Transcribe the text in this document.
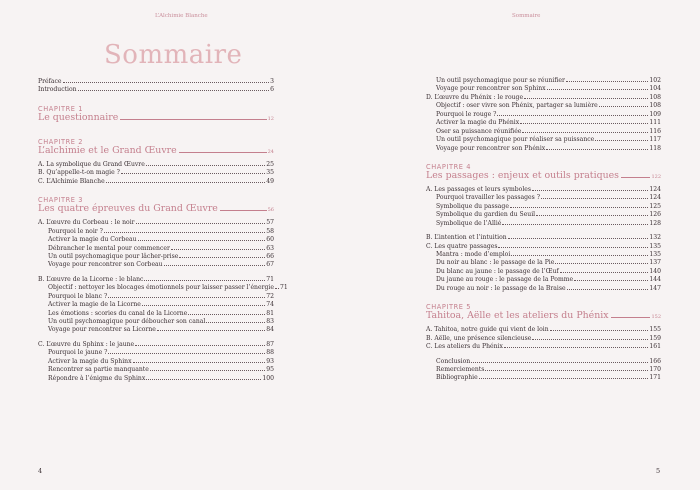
L’Alchimie Blanche
Sommaire
Préface	3
Introduction	6
CHAPITRE 1
Le questionnaire	12
CHAPITRE 2
L’alchimie et le Grand Œuvre	24
A. La symbolique du Grand Œuvre	25
B. Qu’appelle-t-on magie ?	35
C. L’Alchimie Blanche	49
CHAPITRE 3
Les quatre épreuves du Grand Œuvre	56
A. L’œuvre du Corbeau : le noir	57
Pourquoi le noir ?	58
Activer la magie du Corbeau	60
Débrancher le mental pour commencer	63
Un outil psychomagique pour lâcher-prise	66
Voyage pour rencontrer son Corbeau	67
B. L’œuvre de la Licorne : le blanc	71
Objectif : nettoyer les blocages émotionnels pour laisser passer l’énergie 71
Pourquoi le blanc ?	72
Activer la magie de la Licorne	74
Les émotions : scories du canal de la Licorne	81
Un outil psychomagique pour déboucher son canal	83
Voyage pour rencontrer sa Licorne	84
C. L’œuvre du Sphinx : le jaune	87
Pourquoi le jaune ?	88
Activer la magie du Sphinx	93
Rencontrer sa partie manquante	95
Répondre à l’énigme du Sphinx	100
4
Sommaire
Un outil psychomagique pour se réunifier	102
Voyage pour rencontrer son Sphinx	104
D. L’œuvre du Phénix : le rouge	108
Objectif : oser vivre son Phénix, partager sa lumière	108
Pourquoi le rouge ?	109
Activer la magie du Phénix	111
Oser sa puissance réunifiée	116
Un outil psychomagique pour réaliser sa puissance	117
Voyage pour rencontrer son Phénix	118
CHAPITRE 4
Les passages : enjeux et outils pratiques	122
A. Les passages et leurs symboles	124
Pourquoi travailler les passages ?	124
Symbolique du passage	125
Symbolique du gardien du Seuil	126
Symbolique de l’Allié	128
B. L’intention et l’intuition	132
C. Les quatre passages	135
Mantra : mode d’emploi	135
Du noir au blanc : le passage de la Pie	137
Du blanc au jaune : le passage de l’Œuf	140
Du jaune au rouge : le passage de la Pomme	144
Du rouge au noir : le passage de la Braise	147
CHAPITRE 5
Tahitoa, Aëlle et les ateliers du Phénix	152
A. Tahitoa, notre guide qui vient de loin	155
B. Aëlle, une présence silencieuse	159
C. Les ateliers du Phénix	161
Conclusion	166
Remerciements	170
Bibliographie	171
5
